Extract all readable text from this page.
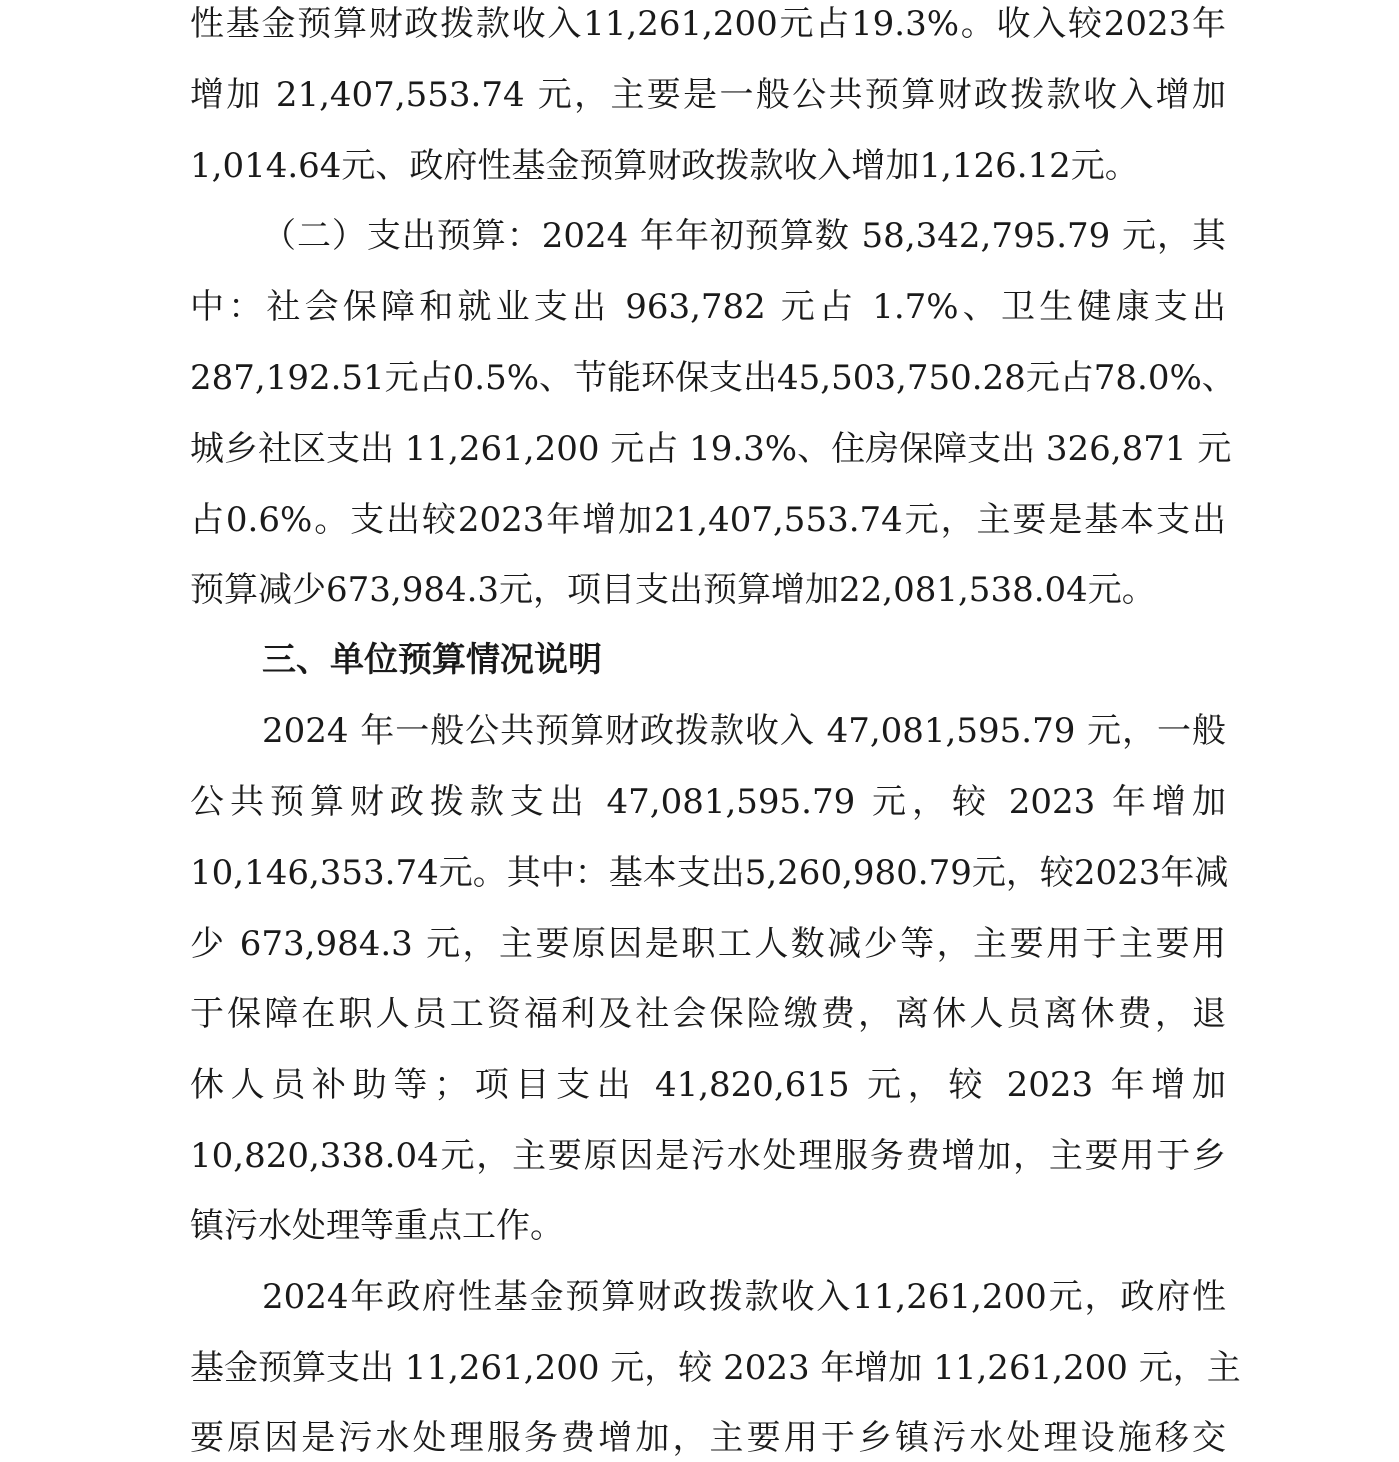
性基金预算财政拨款收入11,261,200元占19.3%。收入较2023年
增加 21,407,553.74 元，主要是一般公共预算财政拨款收入增加
1,014.64元、政府性基金预算财政拨款收入增加1,126.12元。
（二）支出预算：2024 年年初预算数 58,342,795.79 元，其
中：社会保障和就业支出 963,782 元占 1.7%、卫生健康支出
287,192.51元占0.5%、节能环保支出45,503,750.28元占78.0%、
城乡社区支出 11,261,200 元占 19.3%、住房保障支出 326,871 元
占0.6%。支出较2023年增加21,407,553.74元，主要是基本支出
预算减少673,984.3元，项目支出预算增加22,081,538.04元。
三、单位预算情况说明
2024 年一般公共预算财政拨款收入 47,081,595.79 元，一般
公共预算财政拨款支出 47,081,595.79 元，较 2023 年增加
10,146,353.74元。其中：基本支出5,260,980.79元，较2023年减
少 673,984.3 元，主要原因是职工人数减少等，主要用于主要用
于保障在职人员工资福利及社会保险缴费，离休人员离休费，退
休人员补助等；项目支出 41,820,615 元，较 2023 年增加
10,820,338.04元，主要原因是污水处理服务费增加，主要用于乡
镇污水处理等重点工作。
2024年政府性基金预算财政拨款收入11,261,200元，政府性
基金预算支出 11,261,200 元，较 2023 年增加 11,261,200 元，主
要原因是污水处理服务费增加，主要用于乡镇污水处理设施移交
